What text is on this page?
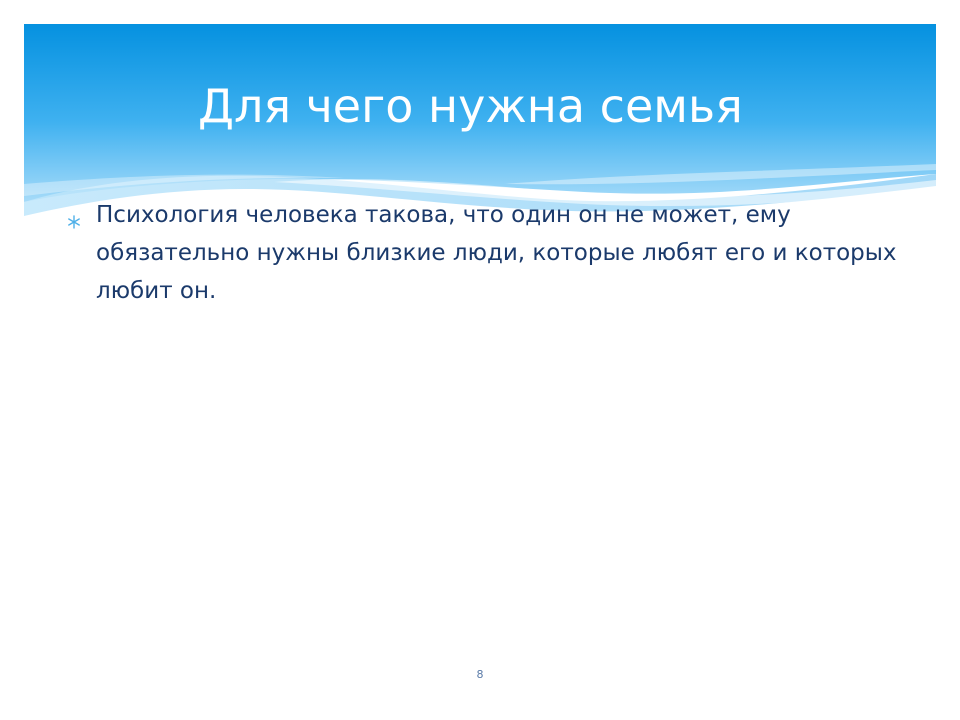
Для чего нужна семья
Психология человека такова, что один он не может, ему обязательно нужны близкие люди, которые любят его и которых любит он.
8
